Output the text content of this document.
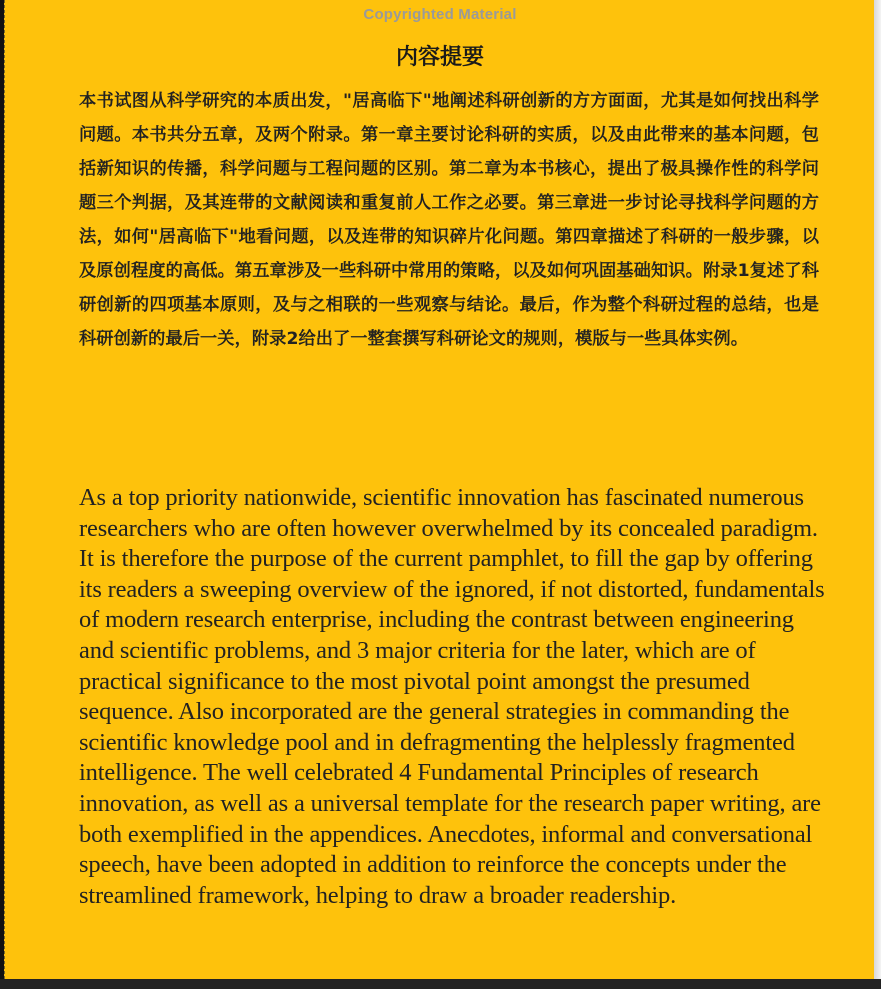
Copyrighted Material
内容提要
本书试图从科学研究的本质出发，"居高临下"地阐述科研创新的方方面面，尤其是如何找出科学问题。本书共分五章，及两个附录。第一章主要讨论科研的实质，以及由此带来的基本问题，包括新知识的传播，科学问题与工程问题的区别。第二章为本书核心，提出了极具操作性的科学问题三个判据，及其连带的文献阅读和重复前人工作之必要。第三章进一步讨论寻找科学问题的方法，如何"居高临下"地看问题，以及连带的知识碎片化问题。第四章描述了科研的一般步骤，以及原创程度的高低。第五章涉及一些科研中常用的策略，以及如何巩固基础知识。附录1复述了科研创新的四项基本原则，及与之相联的一些观察与结论。最后，作为整个科研过程的总结，也是科研创新的最后一关，附录2给出了一整套撰写科研论文的规则，模版与一些具体实例。
As a top priority nationwide, scientific innovation has fascinated numerous researchers who are often however overwhelmed by its concealed paradigm. It is therefore the purpose of the current pamphlet, to fill the gap by offering its readers a sweeping overview of the ignored, if not distorted, fundamentals of modern research enterprise, including the contrast between engineering and scientific problems, and 3 major criteria for the later, which are of practical significance to the most pivotal point amongst the presumed sequence. Also incorporated are the general strategies in commanding the scientific knowledge pool and in defragmenting the helplessly fragmented intelligence. The well celebrated 4 Fundamental Principles of research innovation, as well as a universal template for the research paper writing, are both exemplified in the appendices. Anecdotes, informal and conversational speech, have been adopted in addition to reinforce the concepts under the streamlined framework, helping to draw a broader readership.
